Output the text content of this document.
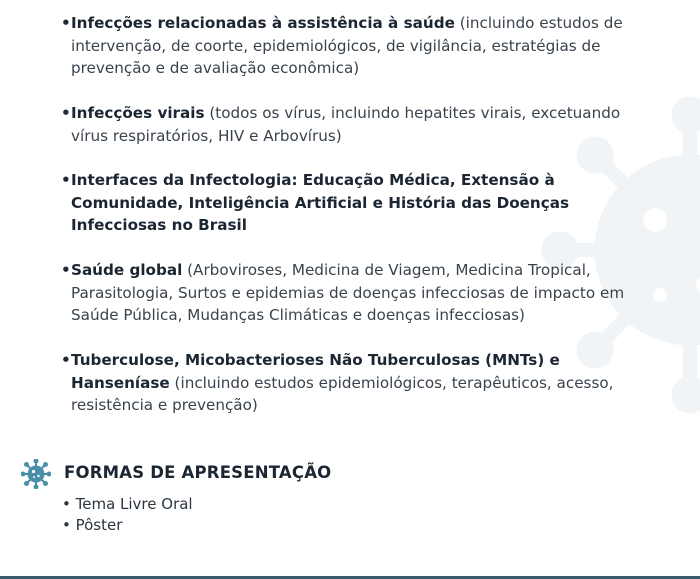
• Infecções relacionadas à assistência à saúde (incluindo estudos de intervenção, de coorte, epidemiológicos, de vigilância, estratégias de prevenção e de avaliação econômica)
• Infecções virais (todos os vírus, incluindo hepatites virais, excetuando vírus respiratórios, HIV e Arbovírus)
• Interfaces da Infectologia: Educação Médica, Extensão à Comunidade, Inteligência Artificial e História das Doenças Infecciosas no Brasil
• Saúde global (Arboviroses, Medicina de Viagem, Medicina Tropical, Parasitologia, Surtos e epidemias de doenças infecciosas de impacto em Saúde Pública, Mudanças Climáticas e doenças infecciosas)
• Tuberculose, Micobacterioses Não Tuberculosas (MNTs) e Hanseníase (incluindo estudos epidemiológicos, terapêuticos, acesso, resistência e prevenção)
FORMAS DE APRESENTAÇÃO
• Tema Livre Oral
• Pôster
